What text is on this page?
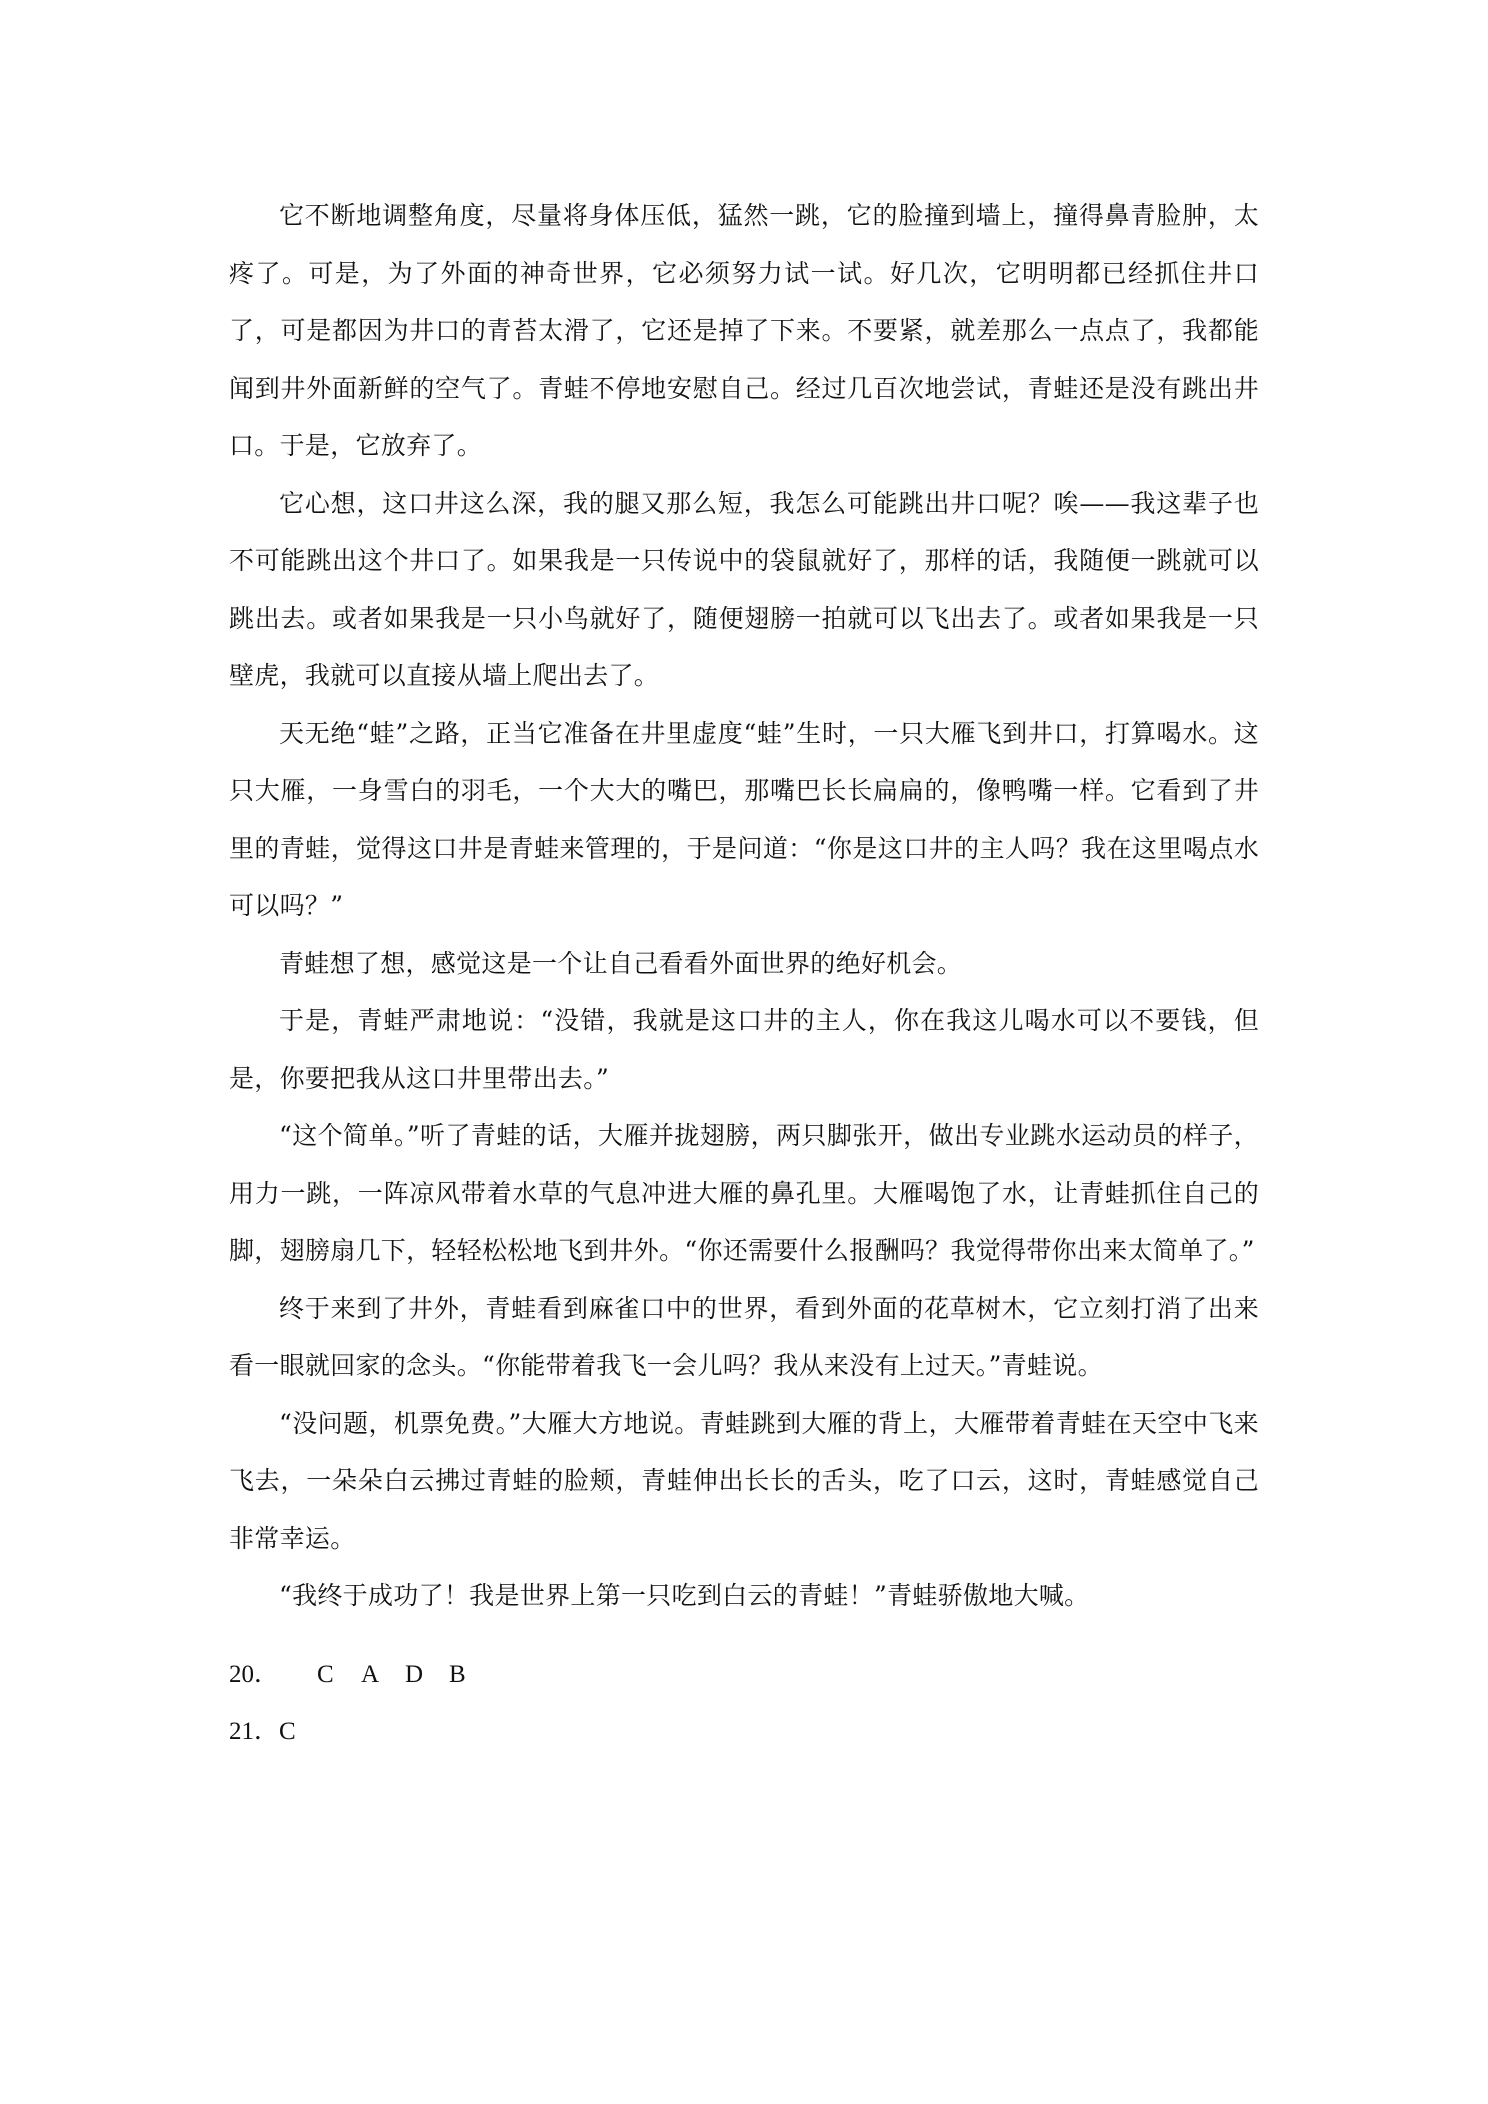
它不断地调整角度，尽量将身体压低，猛然一跳，它的脸撞到墙上，撞得鼻青脸肿，太疼了。可是，为了外面的神奇世界，它必须努力试一试。好几次，它明明都已经抓住井口了，可是都因为井口的青苔太滑了，它还是掉了下来。不要紧，就差那么一点点了，我都能闻到井外面新鲜的空气了。青蛙不停地安慰自己。经过几百次地尝试，青蛙还是没有跳出井口。于是，它放弃了。

它心想，这口井这么深，我的腿又那么短，我怎么可能跳出井口呢？唉——我这辈子也不可能跳出这个井口了。如果我是一只传说中的袋鼠就好了，那样的话，我随便一跳就可以跳出去。或者如果我是一只小鸟就好了，随便翅膀一拍就可以飞出去了。或者如果我是一只壁虎，我就可以直接从墙上爬出去了。

天无绝“蛙”之路，正当它准备在井里虚度“蛙”生时，一只大雁飞到井口，打算喝水。这只大雁，一身雪白的羽毛，一个大大的嘴巴，那嘴巴长长扁扁的，像鸭嘴一样。它看到了井里的青蛙，觉得这口井是青蛙来管理的，于是问道：“你是这口井的主人吗？我在这里喝点水可以吗？”

青蛙想了想，感觉这是一个让自己看看外面世界的绝好机会。

于是，青蛙严肃地说：“没错，我就是这口井的主人，你在我这儿喝水可以不要钱，但是，你要把我从这口井里带出去。”

“这个简单。”听了青蛙的话，大雁并拢翅膀，两只脚张开，做出专业跳水运动员的样子，用力一跳，一阵凉风带着水草的气息冲进大雁的鼻孔里。大雁喝饱了水，让青蛙抓住自己的脚，翅膀扇几下，轻轻松松地飞到井外。“你还需要什么报酬吗？我觉得带你出来太简单了。”

终于来到了井外，青蛙看到麻雀口中的世界，看到外面的花草树木，它立刻打消了出来看一眼就回家的念头。“你能带着我飞一会儿吗？我从来没有上过天。”青蛙说。

“没问题，机票免费。”大雁大方地说。青蛙跳到大雁的背上，大雁带着青蛙在天空中飞来飞去，一朵朵白云拂过青蛙的脸颊，青蛙伸出长长的舌头，吃了口云，这时，青蛙感觉自己非常幸运。

“我终于成功了！我是世界上第一只吃到白云的青蛙！”青蛙骄傲地大喊。

20． C A D B

21．C
